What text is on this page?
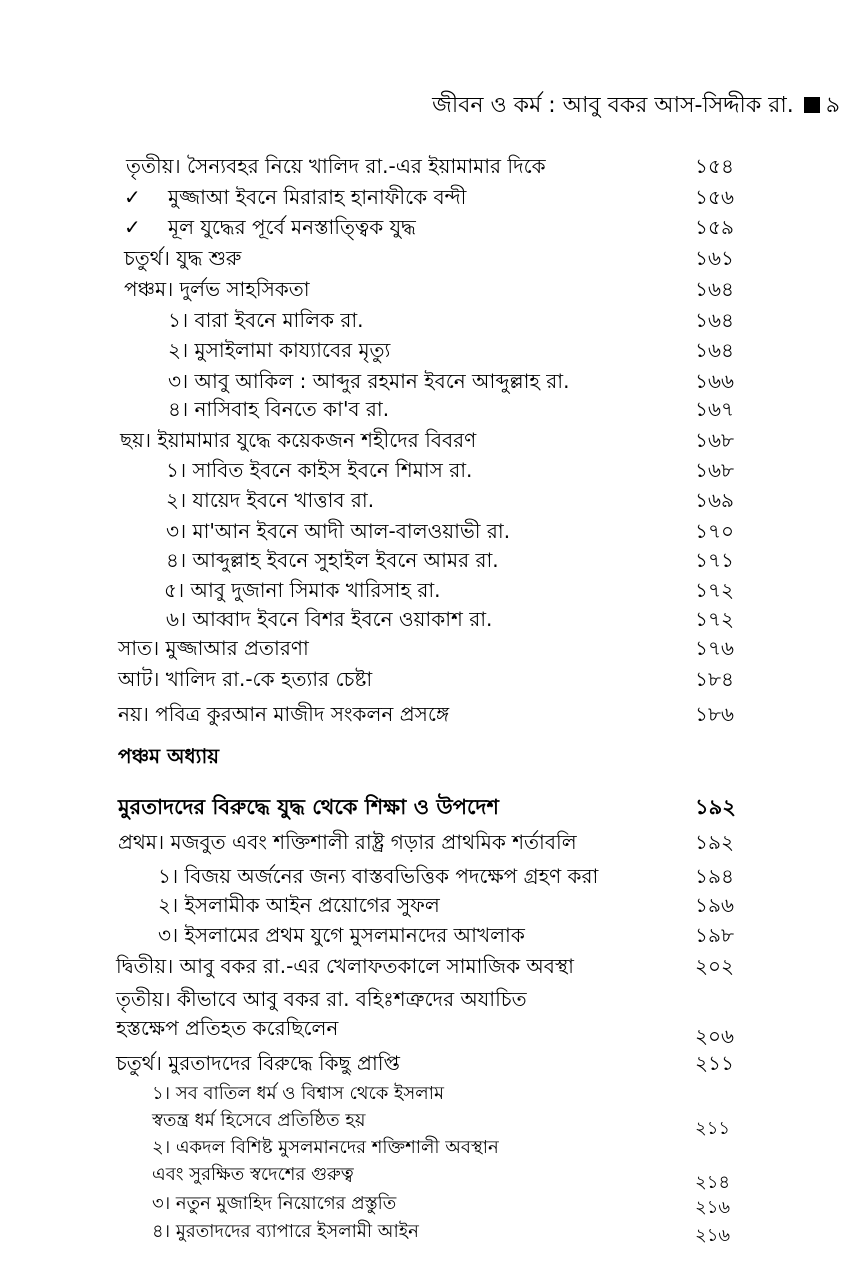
জীবন ও কর্ম : আবু বকর আস-সিদ্দীক রা. ৯
তৃতীয়। সৈন্যবহর নিয়ে খালিদ রা.-এর ইয়ামামার দিকে	১৫৪
✓ মুজ্জাআ ইবনে মিরারাহ হানাফীকে বন্দী	১৫৬
✓ মূল যুদ্ধের পূর্বে মনস্তাত্ত্বিক যুদ্ধ	১৫৯
চতুর্থ। যুদ্ধ শুরু	১৬১
পঞ্চম। দুর্লভ সাহসিকতা	১৬৪
১। বারা ইবনে মালিক রা.	১৬৪
২। মুসাইলামা কায্যাবের মৃত্যু	১৬৪
৩। আবু আকিল : আব্দুর রহমান ইবনে আব্দুল্লাহ রা.	১৬৬
৪। নাসিবাহ বিনতে কা'ব রা.	১৬৭
ছয়। ইয়ামামার যুদ্ধে কয়েকজন শহীদের বিবরণ	১৬৮
১। সাবিত ইবনে কাইস ইবনে শিমাস রা.	১৬৮
২। যায়েদ ইবনে খাত্তাব রা.	১৬৯
৩। মা'আন ইবনে আদী আল-বালওয়াভী রা.	১৭০
৪। আব্দুল্লাহ ইবনে সুহাইল ইবনে আমর রা.	১৭১
৫। আবু দুজানা সিমাক খারিসাহ রা.	১৭২
৬। আব্বাদ ইবনে বিশর ইবনে ওয়াকাশ রা.	১৭২
সাত। মুজ্জাআর প্রতারণা	১৭৬
আট। খালিদ রা.-কে হত্যার চেষ্টা	১৮৪
নয়। পবিত্র কুরআন মাজীদ সংকলন প্রসঙ্গে	১৮৬
পঞ্চম অধ্যায়
মুরতাদদের বিরুদ্ধে যুদ্ধ থেকে শিক্ষা ও উপদেশ	১৯২
প্রথম। মজবুত এবং শক্তিশালী রাষ্ট্র গড়ার প্রাথমিক শর্তাবলি	১৯২
১। বিজয় অর্জনের জন্য বাস্তবভিত্তিক পদক্ষেপ গ্রহণ করা	১৯৪
২। ইসলামীক আইন প্রয়োগের সুফল	১৯৬
৩। ইসলামের প্রথম যুগে মুসলমানদের আখলাক	১৯৮
দ্বিতীয়। আবু বকর রা.-এর খেলাফতকালে সামাজিক অবস্থা	২০২
তৃতীয়। কীভাবে আবু বকর রা. বহিঃশত্রুদের অযাচিত
হস্তক্ষেপ প্রতিহত করেছিলেন	২০৬
চতুর্থ। মুরতাদদের বিরুদ্ধে কিছু প্রাপ্তি	২১১
১। সব বাতিল ধর্ম ও বিশ্বাস থেকে ইসলাম
স্বতন্ত্র ধর্ম হিসেবে প্রতিষ্ঠিত হয়	২১১
২। একদল বিশিষ্ট মুসলমানদের শক্তিশালী অবস্থান
এবং সুরক্ষিত স্বদেশের গুরুত্ব	২১৪
৩। নতুন মুজাহিদ নিয়োগের প্রস্তুতি	২১৬
৪। মুরতাদদের ব্যাপারে ইসলামী আইন	২১৬
